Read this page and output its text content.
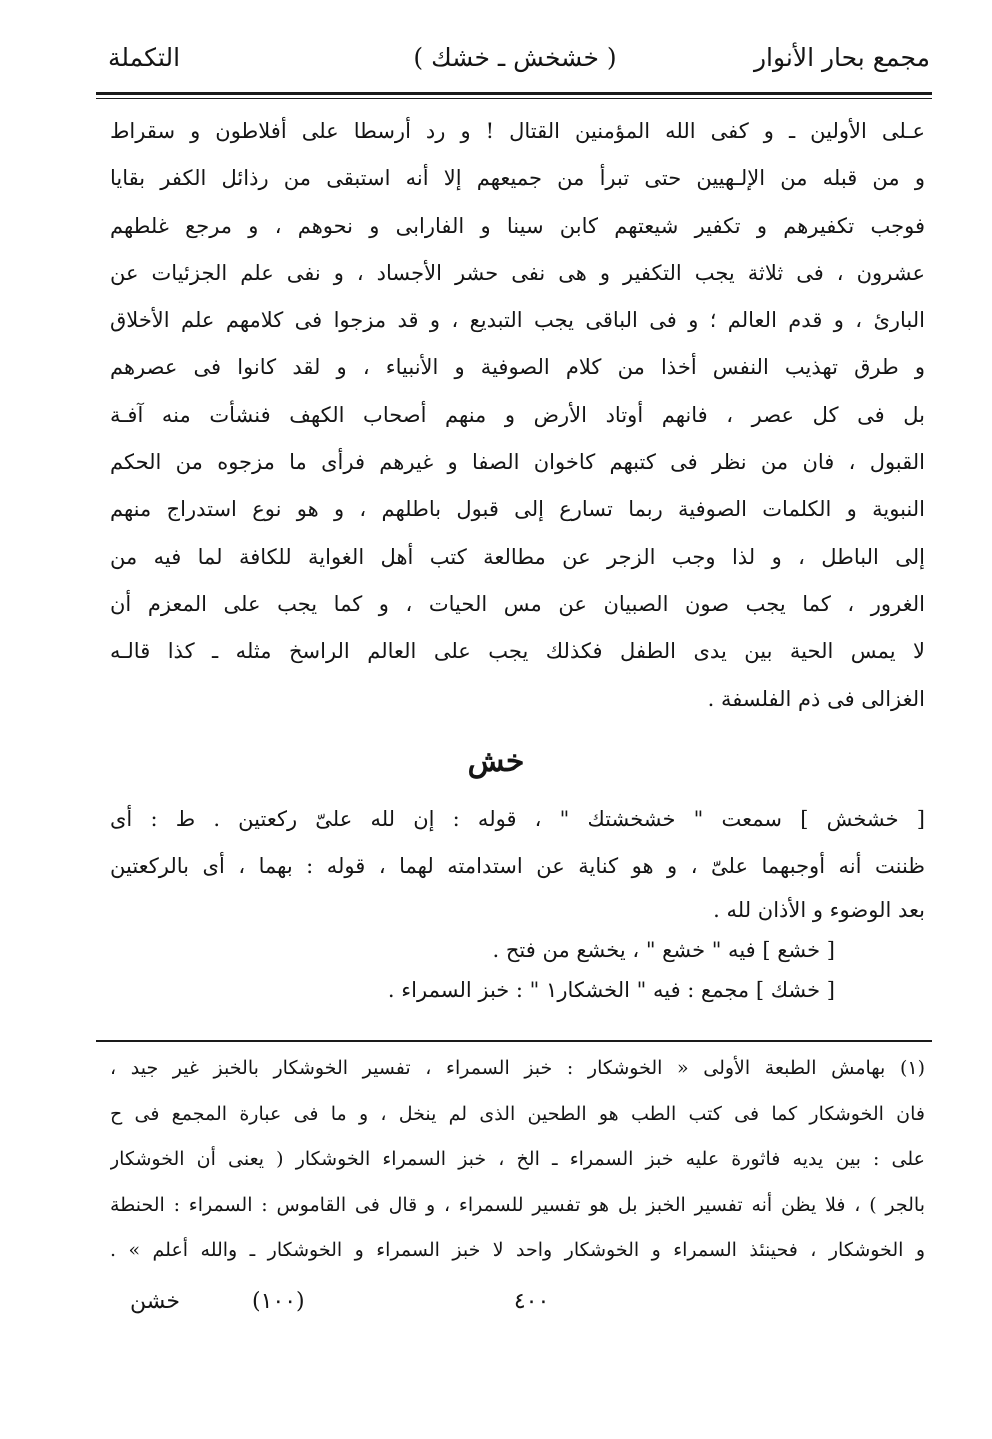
مجمع بحار الأنوار
( خشخش ـ خشك )
التكملة
عـلى الأولين ـ و كفى الله المؤمنين القتال ! و رد أرسطا على أفلاطون و سقراط
و من قبله من الإلـهيين حتى تبرأ من جميعهم إلا أنه استبقى من رذائل الكفر بقايا
فوجب تكفيرهم و تكفير شيعتهم كابن سينا و الفارابى و نحوهم ، و مرجع غلطهم
عشرون ، فى ثلاثة يجب التكفير و هى نفى حشر الأجساد ، و نفى علم الجزئيات عن
البارئ ، و قدم العالم ؛ و فى الباقى يجب التبديع ، و قد مزجوا فى كلامهم علم الأخلاق
و طرق تهذيب النفس أخذا من كلام الصوفية و الأنبياء ، و لقد كانوا فى عصرهم
بل فى كل عصر ، فانهم أوتاد الأرض و منهم أصحاب الكهف فنشأت منه آفـة
القبول ، فان من نظر فى كتبهم كاخوان الصفا و غيرهم فرأى ما مزجوه من الحكم
النبوية و الكلمات الصوفية ربما تسارع إلى قبول باطلهم ، و هو نوع استدراج منهم
إلى الباطل ، و لذا وجب الزجر عن مطالعة كتب أهل الغواية للكافة لما فيه من
الغرور ، كما يجب صون الصبيان عن مس الحيات ، و كما يجب على المعزم أن
لا يمس الحية بين يدى الطفل فكذلك يجب على العالم الراسخ مثله ـ كذا قالـه
الغزالى فى ذم الفلسفة .
خش
[ خشخش ] سمعت " خشخشتك " ، قوله : إن لله علىّ ركعتين . ط : أى
ظننت أنه أوجبهما علىّ ، و هو كناية عن استدامته لهما ، قوله : بهما ، أى بالركعتين
بعد الوضوء و الأذان لله .
[ خشع ] فيه " خشع " ، يخشع من فتح .
[ خشك ] مجمع : فيه " الخشكار١ " : خبز السمراء .
(١) بهامش الطبعة الأولى « الخوشكار : خبز السمراء ، تفسير الخوشكار بالخبز غير جيد ،
فان الخوشكار كما فى كتب الطب هو الطحين الذى لم ينخل ، و ما فى عبارة المجمع فى ح
على : بين يديه فاثورة عليه خبز السمراء ـ الخ ، خبز السمراء الخوشكار ( يعنى أن الخوشكار
بالجر ) ، فلا يظن أنه تفسير الخبز بل هو تفسير للسمراء ، و قال فى القاموس : السمراء : الحنطة
و الخوشكار ، فحينئذ السمراء و الخوشكار واحد لا خبز السمراء و الخوشكار ـ والله أعلم » .
٤٠٠
(١٠٠)
خشن
